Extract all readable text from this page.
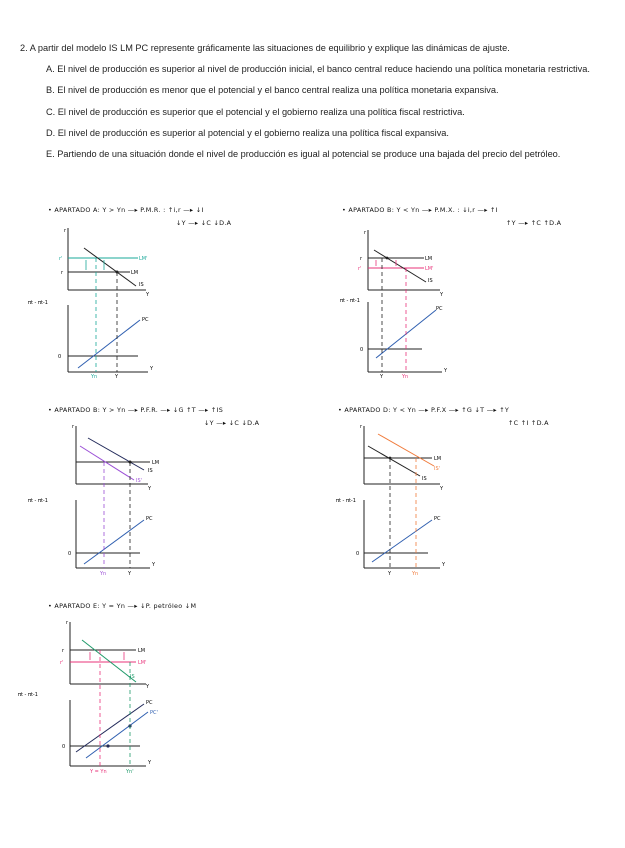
2. A partir del modelo IS LM PC represente gráficamente las situaciones de equilibrio y explique las dinámicas de ajuste.

A. El nivel de producción es superior al nivel de producción inicial, el banco central reduce haciendo una política monetaria restrictiva.

B. El nivel de producción es menor que el potencial y el banco central realiza una política monetaria expansiva.

C. El nivel de producción es superior que el potencial y el gobierno realiza una política fiscal restrictiva.

D. El nivel de producción es superior al potencial y el gobierno realiza una política fiscal expansiva.

E. Partiendo de una situación donde el nivel de producción es igual al potencial se produce una bajada del precio del petróleo.

• APARTADO A: Y > Yn —▸ P.M.R. : ↑i,r —▸ ↓I
↓Y —▸ ↓C ↓D.A
r
Y
LM'
r'
LM
r
IS
πt - πt-1
0
Y
PC
Yn	Y
• APARTADO B: Y < Yn —▸ P.M.X. : ↓i,r —▸ ↑I
↑Y —▸ ↑C ↑D.A
r
Y
LM
r
LM'
r'
IS
πt - πt-1
0
Y
PC
Y	Yn
• APARTADO B: Y > Yn —▸ P.F.R. —▸ ↓G ↑T —▸ ↑IS
↓Y —▸ ↓C ↓D.A
r
Y
LM
IS
IS'
πt - πt-1
0
Y
PC
Yn	Y
• APARTADO D: Y < Yn —▸ P.F.X —▸ ↑G ↓T —▸ ↑Y
↑C ↑I ↑D.A
r
Y
LM
IS
IS'
πt - πt-1
0
Y
PC
Y	Yn
• APARTADO E: Y = Yn —▸ ↓P. petróleo ↓M
r
Y
LM
r
LM'
r'
IS
πt - πt-1
0
Y
PC
PC'
Y = Yn	Yn'
